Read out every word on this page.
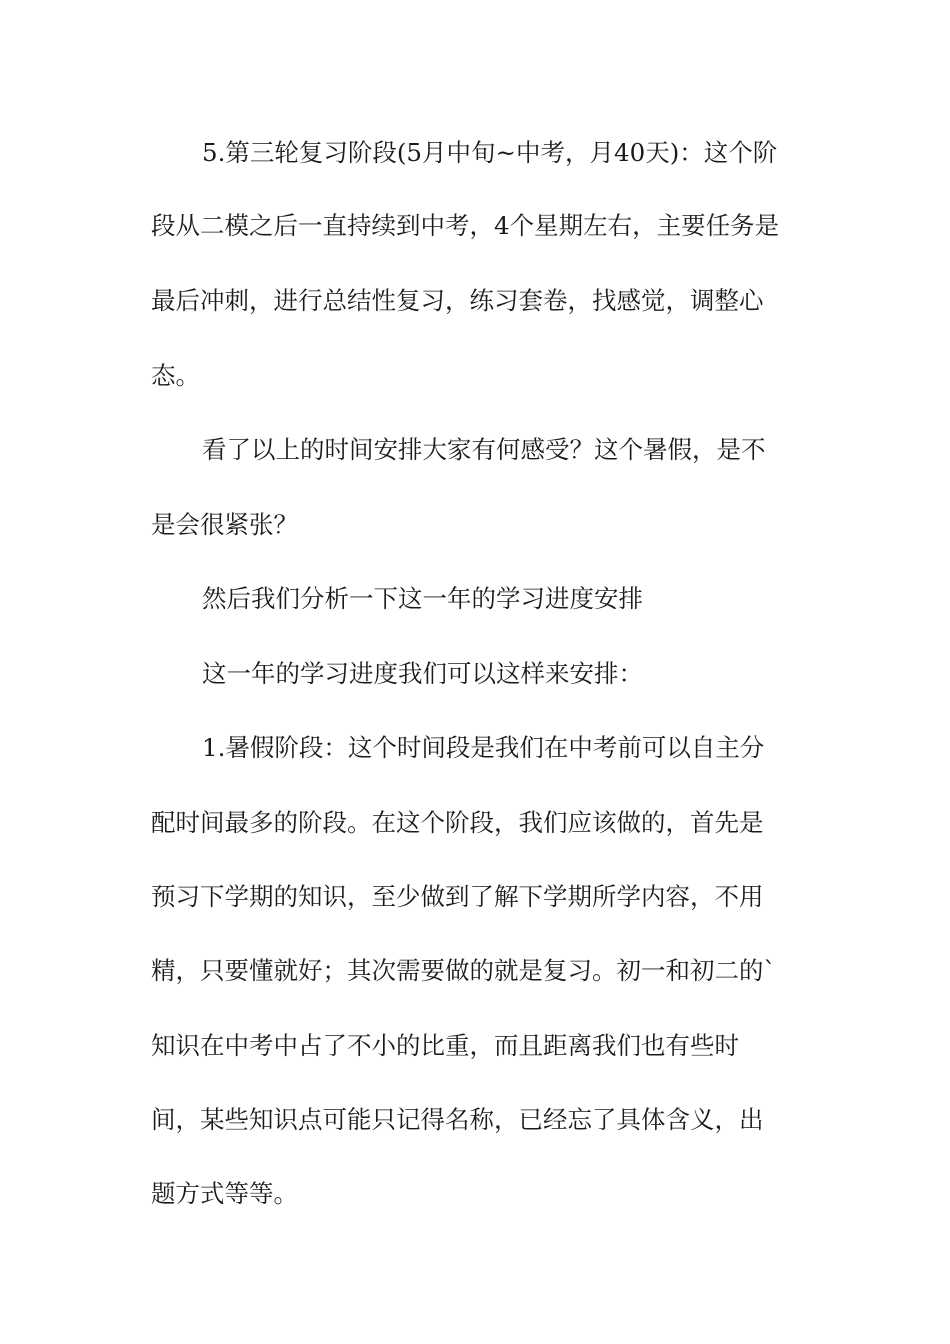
5.第三轮复习阶段(5月中旬~中考，月40天)：这个阶

段从二模之后一直持续到中考，4个星期左右，主要任务是

最后冲刺，进行总结性复习，练习套卷，找感觉，调整心

态。

看了以上的时间安排大家有何感受？这个暑假，是不

是会很紧张？

然后我们分析一下这一年的学习进度安排

这一年的学习进度我们可以这样来安排：

1.暑假阶段：这个时间段是我们在中考前可以自主分

配时间最多的阶段。在这个阶段，我们应该做的，首先是

预习下学期的知识，至少做到了解下学期所学内容，不用

精，只要懂就好；其次需要做的就是复习。初一和初二的`

知识在中考中占了不小的比重，而且距离我们也有些时

间，某些知识点可能只记得名称，已经忘了具体含义，出

题方式等等。
